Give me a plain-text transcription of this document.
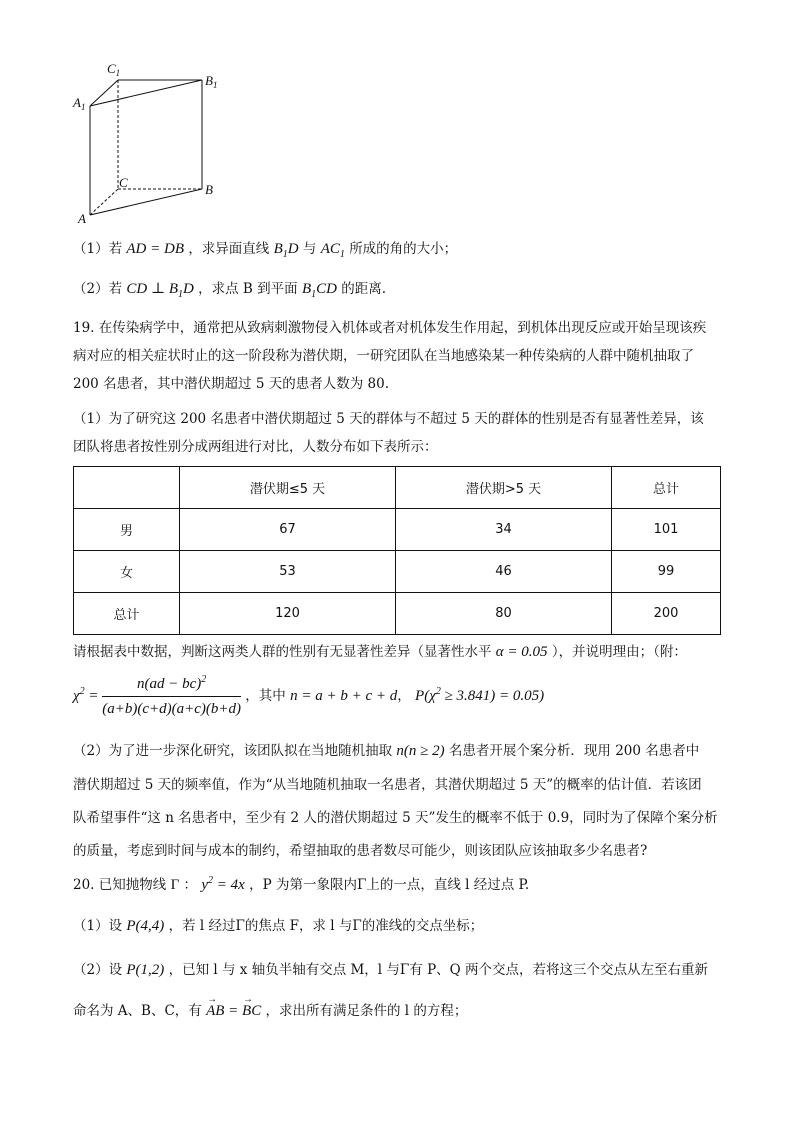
$C_1$	$B_1$
$A_1$
C	B
A
（1）若 AD = DB ，求异面直线 $B_1D$ 与 $AC_1$ 所成的角的大小；
（2）若 CD ⊥ $B_1D$ ，求点 B 到平面 $B_1CD$ 的距离.
19. 在传染病学中，通常把从致病刺激物侵入机体或者对机体发生作用起，到机体出现反应或开始呈现该疾
病对应的相关症状时止的这一阶段称为潜伏期，一研究团队在当地感染某一种传染病的人群中随机抽取了
200 名患者，其中潜伏期超过 5 天的患者人数为 80.
（1）为了研究这 200 名患者中潜伏期超过 5 天的群体与不超过 5 天的群体的性别是否有显著性差异，该
团队将患者按性别分成两组进行对比，人数分布如下表所示：
	潜伏期≤5 天	潜伏期>5 天	总计
男	67	34	101
女	53	46	99
总计	120	80	200
请根据表中数据，判断这两类人群的性别有无显著性差异（显著性水平 α = 0.05 ），并说明理由；（附：
$\chi^2 = \frac{n(ad - bc)^2}{(a+b)(c+d)(a+c)(b+d)}$ ，其中 n = a + b + c + d， $P(\chi^2 \ge 3.841) = 0.05$)
（2）为了进一步深化研究，该团队拟在当地随机抽取 n(n ≥ 2) 名患者开展个案分析．现用 200 名患者中
潜伏期超过 5 天的频率值，作为“从当地随机抽取一名患者，其潜伏期超过 5 天”的概率的估计值．若该团
队希望事件“这 n 名患者中，至少有 2 人的潜伏期超过 5 天”发生的概率不低于 0.9，同时为了保障个案分析
的质量，考虑到时间与成本的制约，希望抽取的患者数尽可能少，则该团队应该抽取多少名患者?
20. 已知抛物线 Γ ： $y^2 = 4x$ ，P 为第一象限内Γ上的一点，直线 l 经过点 P.
（1）设 P(4,4) ，若 l 经过Γ的焦点 F，求 l 与Γ的准线的交点坐标；
（2）设 P(1,2) ，已知 l 与 x 轴负半轴有交点 M，l 与Γ有 P、Q 两个交点，若将这三个交点从左至右重新
命名为 A、B、C，有 → AB = → BC ，求出所有满足条件的 l 的方程；
